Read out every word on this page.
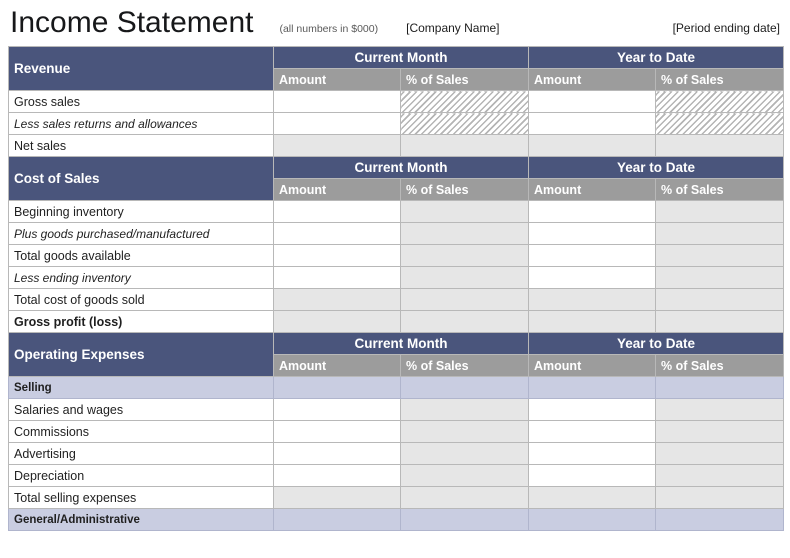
Income Statement (all numbers in $000) [Company Name]	[Period ending date]
Revenue	Current Month		Year to Date	
	Amount	% of Sales	Amount	% of Sales
Gross sales				
Less sales returns and allowances				
Net sales				
Cost of Sales	Current Month		Year to Date	
	Amount	% of Sales	Amount	% of Sales
Beginning inventory				
Plus goods purchased/manufactured				
Total goods available				
Less ending inventory				
Total cost of goods sold				
Gross profit (loss)				
Operating Expenses	Current Month		Year to Date	
	Amount	% of Sales	Amount	% of Sales
Selling				
Salaries and wages				
Commissions				
Advertising				
Depreciation				
Total selling expenses				
General/Administrative				
